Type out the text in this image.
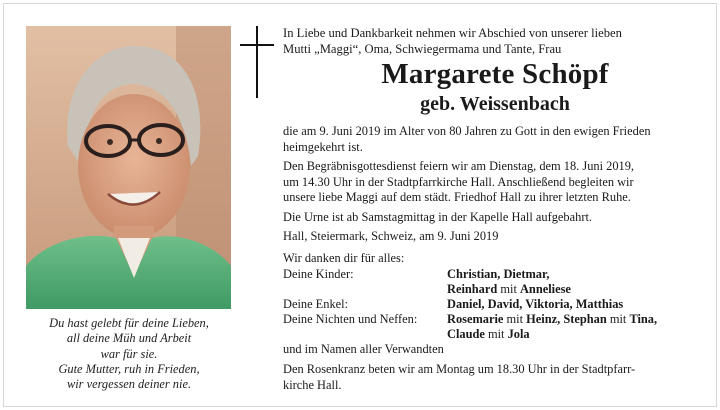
Du hast gelebt für deine Lieben,
all deine Müh und Arbeit
war für sie.
Gute Mutter, ruh in Frieden,
wir vergessen deiner nie.
In Liebe und Dankbarkeit nehmen wir Abschied von unserer lieben
Mutti „Maggi“, Oma, Schwiegermama und Tante, Frau
Margarete Schöpf
geb. Weissenbach
die am 9. Juni 2019 im Alter von 80 Jahren zu Gott in den ewigen Frieden
heimgekehrt ist.
Den Begräbnisgottesdienst feiern wir am Dienstag, dem 18. Juni 2019,
um 14.30 Uhr in der Stadtpfarrkirche Hall. Anschließend begleiten wir
unsere liebe Maggi auf dem städt. Friedhof Hall zu ihrer letzten Ruhe.
Die Urne ist ab Samstagmittag in der Kapelle Hall aufgebahrt.
Hall, Steiermark, Schweiz, am 9. Juni 2019
Wir danken dir für alles:
Deine Kinder:	Christian, Dietmar,
Reinhard mit Anneliese
Deine Enkel:	Daniel, David, Viktoria, Matthias
Deine Nichten und Neffen: Rosemarie mit Heinz, Stephan mit Tina,
Claude mit Jola
und im Namen aller Verwandten
Den Rosenkranz beten wir am Montag um 18.30 Uhr in der Stadtpfarr-
kirche Hall.
